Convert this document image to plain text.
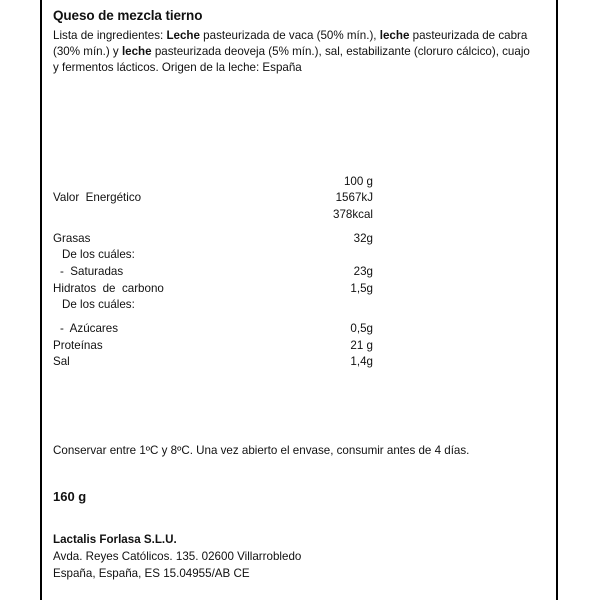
Queso de mezcla tierno

Lista de ingredientes: Leche pasteurizada de vaca (50% mín.), leche pasteurizada de cabra (30% mín.) y leche pasteurizada deoveja (5% mín.), sal, estabilizante (cloruro cálcico), cuajo y fermentos lácticos. Origen de la leche: España

	100 g
Valor  Energético	1567kJ
	378kcal

Grasas	32g
De los cuáles:	
-  Saturadas	23g
Hidratos  de  carbono	1,5g
De los cuáles:	

-  Azúcares	0,5g
Proteínas	21 g
Sal	1,4g
Conservar entre 1ºC y 8ºC. Una vez abierto el envase, consumir antes de 4 días.
160 g
Lactalis Forlasa S.L.U.
Avda. Reyes Católicos. 135. 02600 Villarrobledo
España, España, ES 15.04955/AB CE
